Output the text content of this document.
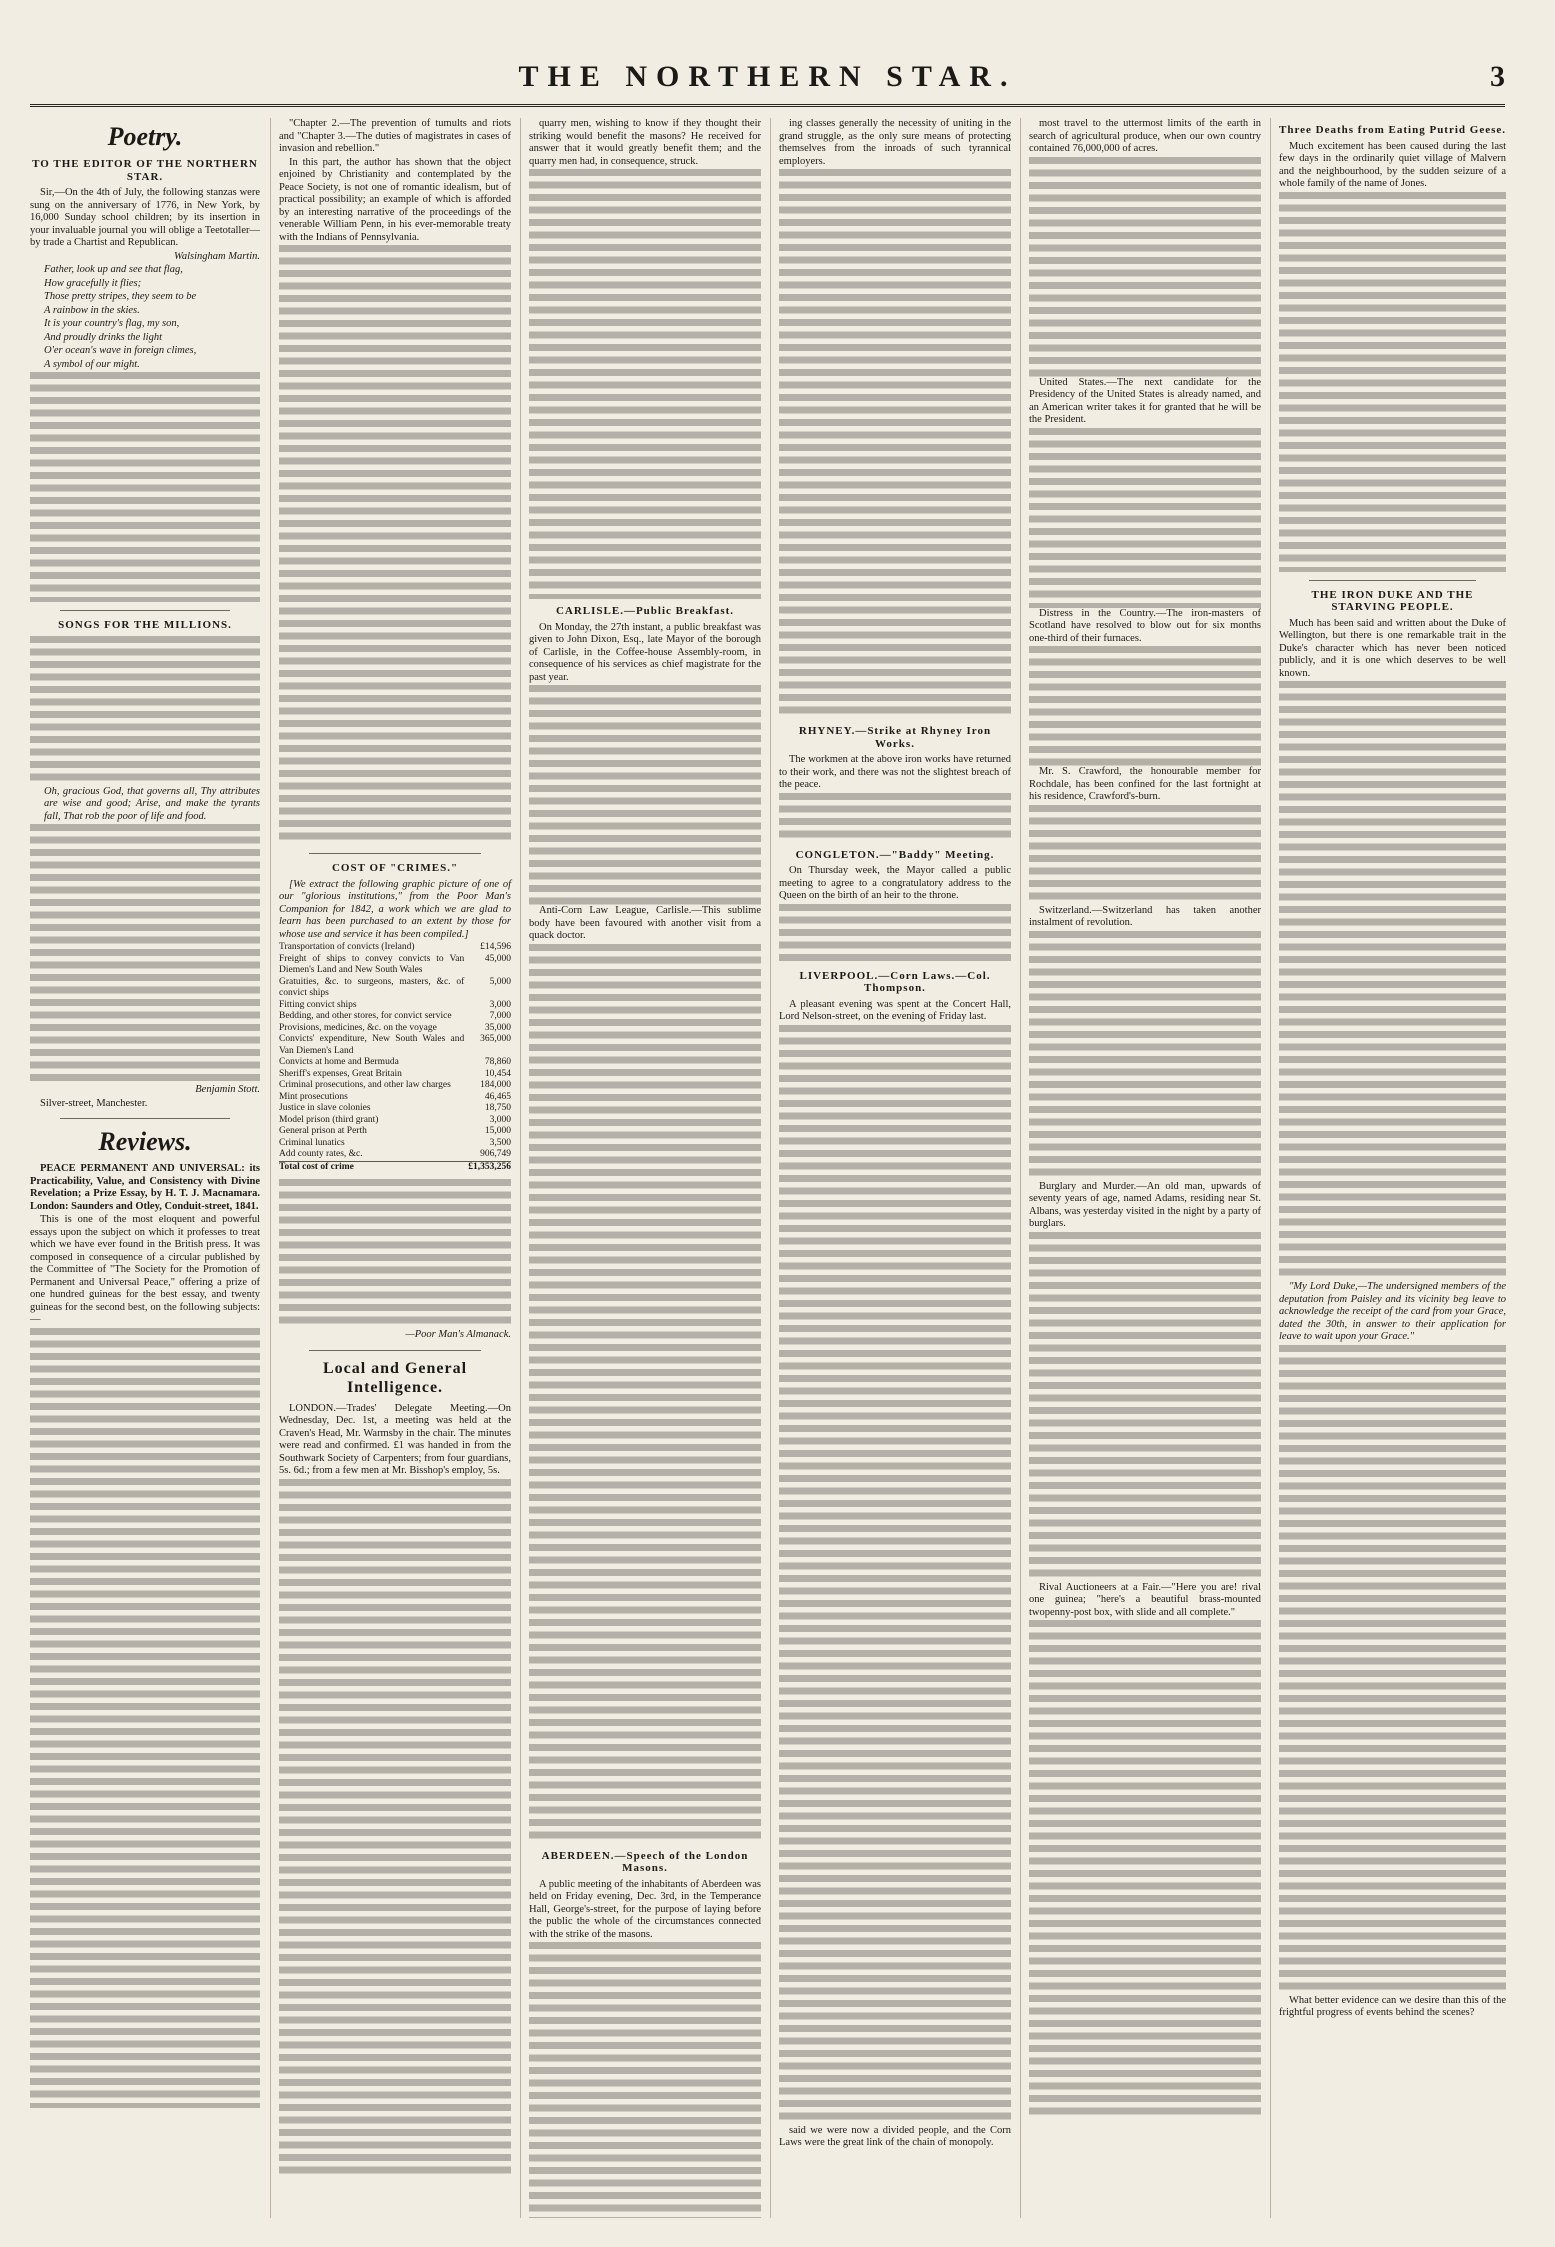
THE NORTHERN STAR.	3
Poetry.
TO THE EDITOR OF THE NORTHERN STAR.

Sir,—On the 4th of July, the following stanzas were sung on the anniversary of 1776, in New York, by 16,000 Sunday school children; by its insertion in your invaluable journal you will oblige a Teetotaller—by trade a Chartist and Republican.

Walsingham Martin.

Father, look up and see that flag,

How gracefully it flies;

Those pretty stripes, they seem to be

A rainbow in the skies.

It is your country's flag, my son,

And proudly drinks the light

O'er ocean's wave in foreign climes,

A symbol of our might.

SONGS FOR THE MILLIONS.

Oh, gracious God, that governs all, Thy attributes are wise and good; Arise, and make the tyrants fall, That rob the poor of life and food.

Benjamin Stott.

Silver-street, Manchester.

Reviews.

PEACE PERMANENT AND UNIVERSAL: its Practicability, Value, and Consistency with Divine Revelation; a Prize Essay, by H. T. J. Macnamara. London: Saunders and Otley, Conduit-street, 1841.

This is one of the most eloquent and powerful essays upon the subject on which it professes to treat which we have ever found in the British press. It was composed in consequence of a circular published by the Committee of "The Society for the Promotion of Permanent and Universal Peace," offering a prize of one hundred guineas for the best essay, and twenty guineas for the second best, on the following subjects:—

"Chapter 2.—The prevention of tumults and riots and "Chapter 3.—The duties of magistrates in cases of invasion and rebellion."

In this part, the author has shown that the object enjoined by Christianity and contemplated by the Peace Society, is not one of romantic idealism, but of practical possibility; an example of which is afforded by an interesting narrative of the proceedings of the venerable William Penn, in his ever-memorable treaty with the Indians of Pennsylvania.

COST OF "CRIMES."

[We extract the following graphic picture of one of our "glorious institutions," from the Poor Man's Companion for 1842, a work which we are glad to learn has been purchased to an extent by those for whose use and service it has been compiled.]

Transportation of convicts (Ireland)	£14,596
Freight of ships to convey convicts to Van Diemen's Land and New South Wales	45,000
Gratuities, &c. to surgeons, masters, &c. of convict ships	5,000
Fitting convict ships	3,000
Bedding, and other stores, for convict service	7,000
Provisions, medicines, &c. on the voyage	35,000
Convicts' expenditure, New South Wales and Van Diemen's Land	365,000
Convicts at home and Bermuda	78,860
Sheriff's expenses, Great Britain	10,454
Criminal prosecutions, and other law charges	184,000
Mint prosecutions	46,465
Justice in slave colonies	18,750
Model prison (third grant)	3,000
General prison at Perth	15,000
Criminal lunatics	3,500
Add county rates, &c.	906,749
Total cost of crime	£1,353,256

—Poor Man's Almanack.

Local and General Intelligence.

LONDON.—Trades' Delegate Meeting.—On Wednesday, Dec. 1st, a meeting was held at the Craven's Head, Mr. Warmsby in the chair. The minutes were read and confirmed. £1 was handed in from the Southwark Society of Carpenters; from four guardians, 5s. 6d.; from a few men at Mr. Bisshop's employ, 5s.

quarry men, wishing to know if they thought their striking would benefit the masons? He received for answer that it would greatly benefit them; and the quarry men had, in consequence, struck.

CARLISLE.—Public Breakfast.

On Monday, the 27th instant, a public breakfast was given to John Dixon, Esq., late Mayor of the borough of Carlisle, in the Coffee-house Assembly-room, in consequence of his services as chief magistrate for the past year.

Anti-Corn Law League, Carlisle.—This sublime body have been favoured with another visit from a quack doctor.

ABERDEEN.—Speech of the London Masons.

A public meeting of the inhabitants of Aberdeen was held on Friday evening, Dec. 3rd, in the Temperance Hall, George's-street, for the purpose of laying before the public the whole of the circumstances connected with the strike of the masons.

ing classes generally the necessity of uniting in the grand struggle, as the only sure means of protecting themselves from the inroads of such tyrannical employers.

RHYNEY.—Strike at Rhyney Iron Works.

The workmen at the above iron works have returned to their work, and there was not the slightest breach of the peace.

CONGLETON.—"Baddy" Meeting.

On Thursday week, the Mayor called a public meeting to agree to a congratulatory address to the Queen on the birth of an heir to the throne.

LIVERPOOL.—Corn Laws.—Col. Thompson.

A pleasant evening was spent at the Concert Hall, Lord Nelson-street, on the evening of Friday last.

said we were now a divided people, and the Corn Laws were the great link of the chain of monopoly.

most travel to the uttermost limits of the earth in search of agricultural produce, when our own country contained 76,000,000 of acres.

United States.—The next candidate for the Presidency of the United States is already named, and an American writer takes it for granted that he will be the President.

Distress in the Country.—The iron-masters of Scotland have resolved to blow out for six months one-third of their furnaces.

Mr. S. Crawford, the honourable member for Rochdale, has been confined for the last fortnight at his residence, Crawford's-burn.

Switzerland.—Switzerland has taken another instalment of revolution.

Burglary and Murder.—An old man, upwards of seventy years of age, named Adams, residing near St. Albans, was yesterday visited in the night by a party of burglars.

Rival Auctioneers at a Fair.—"Here you are! rival one guinea; "here's a beautiful brass-mounted twopenny-post box, with slide and all complete."

Three Deaths from Eating Putrid Geese.

Much excitement has been caused during the last few days in the ordinarily quiet village of Malvern and the neighbourhood, by the sudden seizure of a whole family of the name of Jones.

THE IRON DUKE AND THE STARVING PEOPLE.

Much has been said and written about the Duke of Wellington, but there is one remarkable trait in the Duke's character which has never been noticed publicly, and it is one which deserves to be well known.

"My Lord Duke,—The undersigned members of the deputation from Paisley and its vicinity beg leave to acknowledge the receipt of the card from your Grace, dated the 30th, in answer to their application for leave to wait upon your Grace."

What better evidence can we desire than this of the frightful progress of events behind the scenes?
